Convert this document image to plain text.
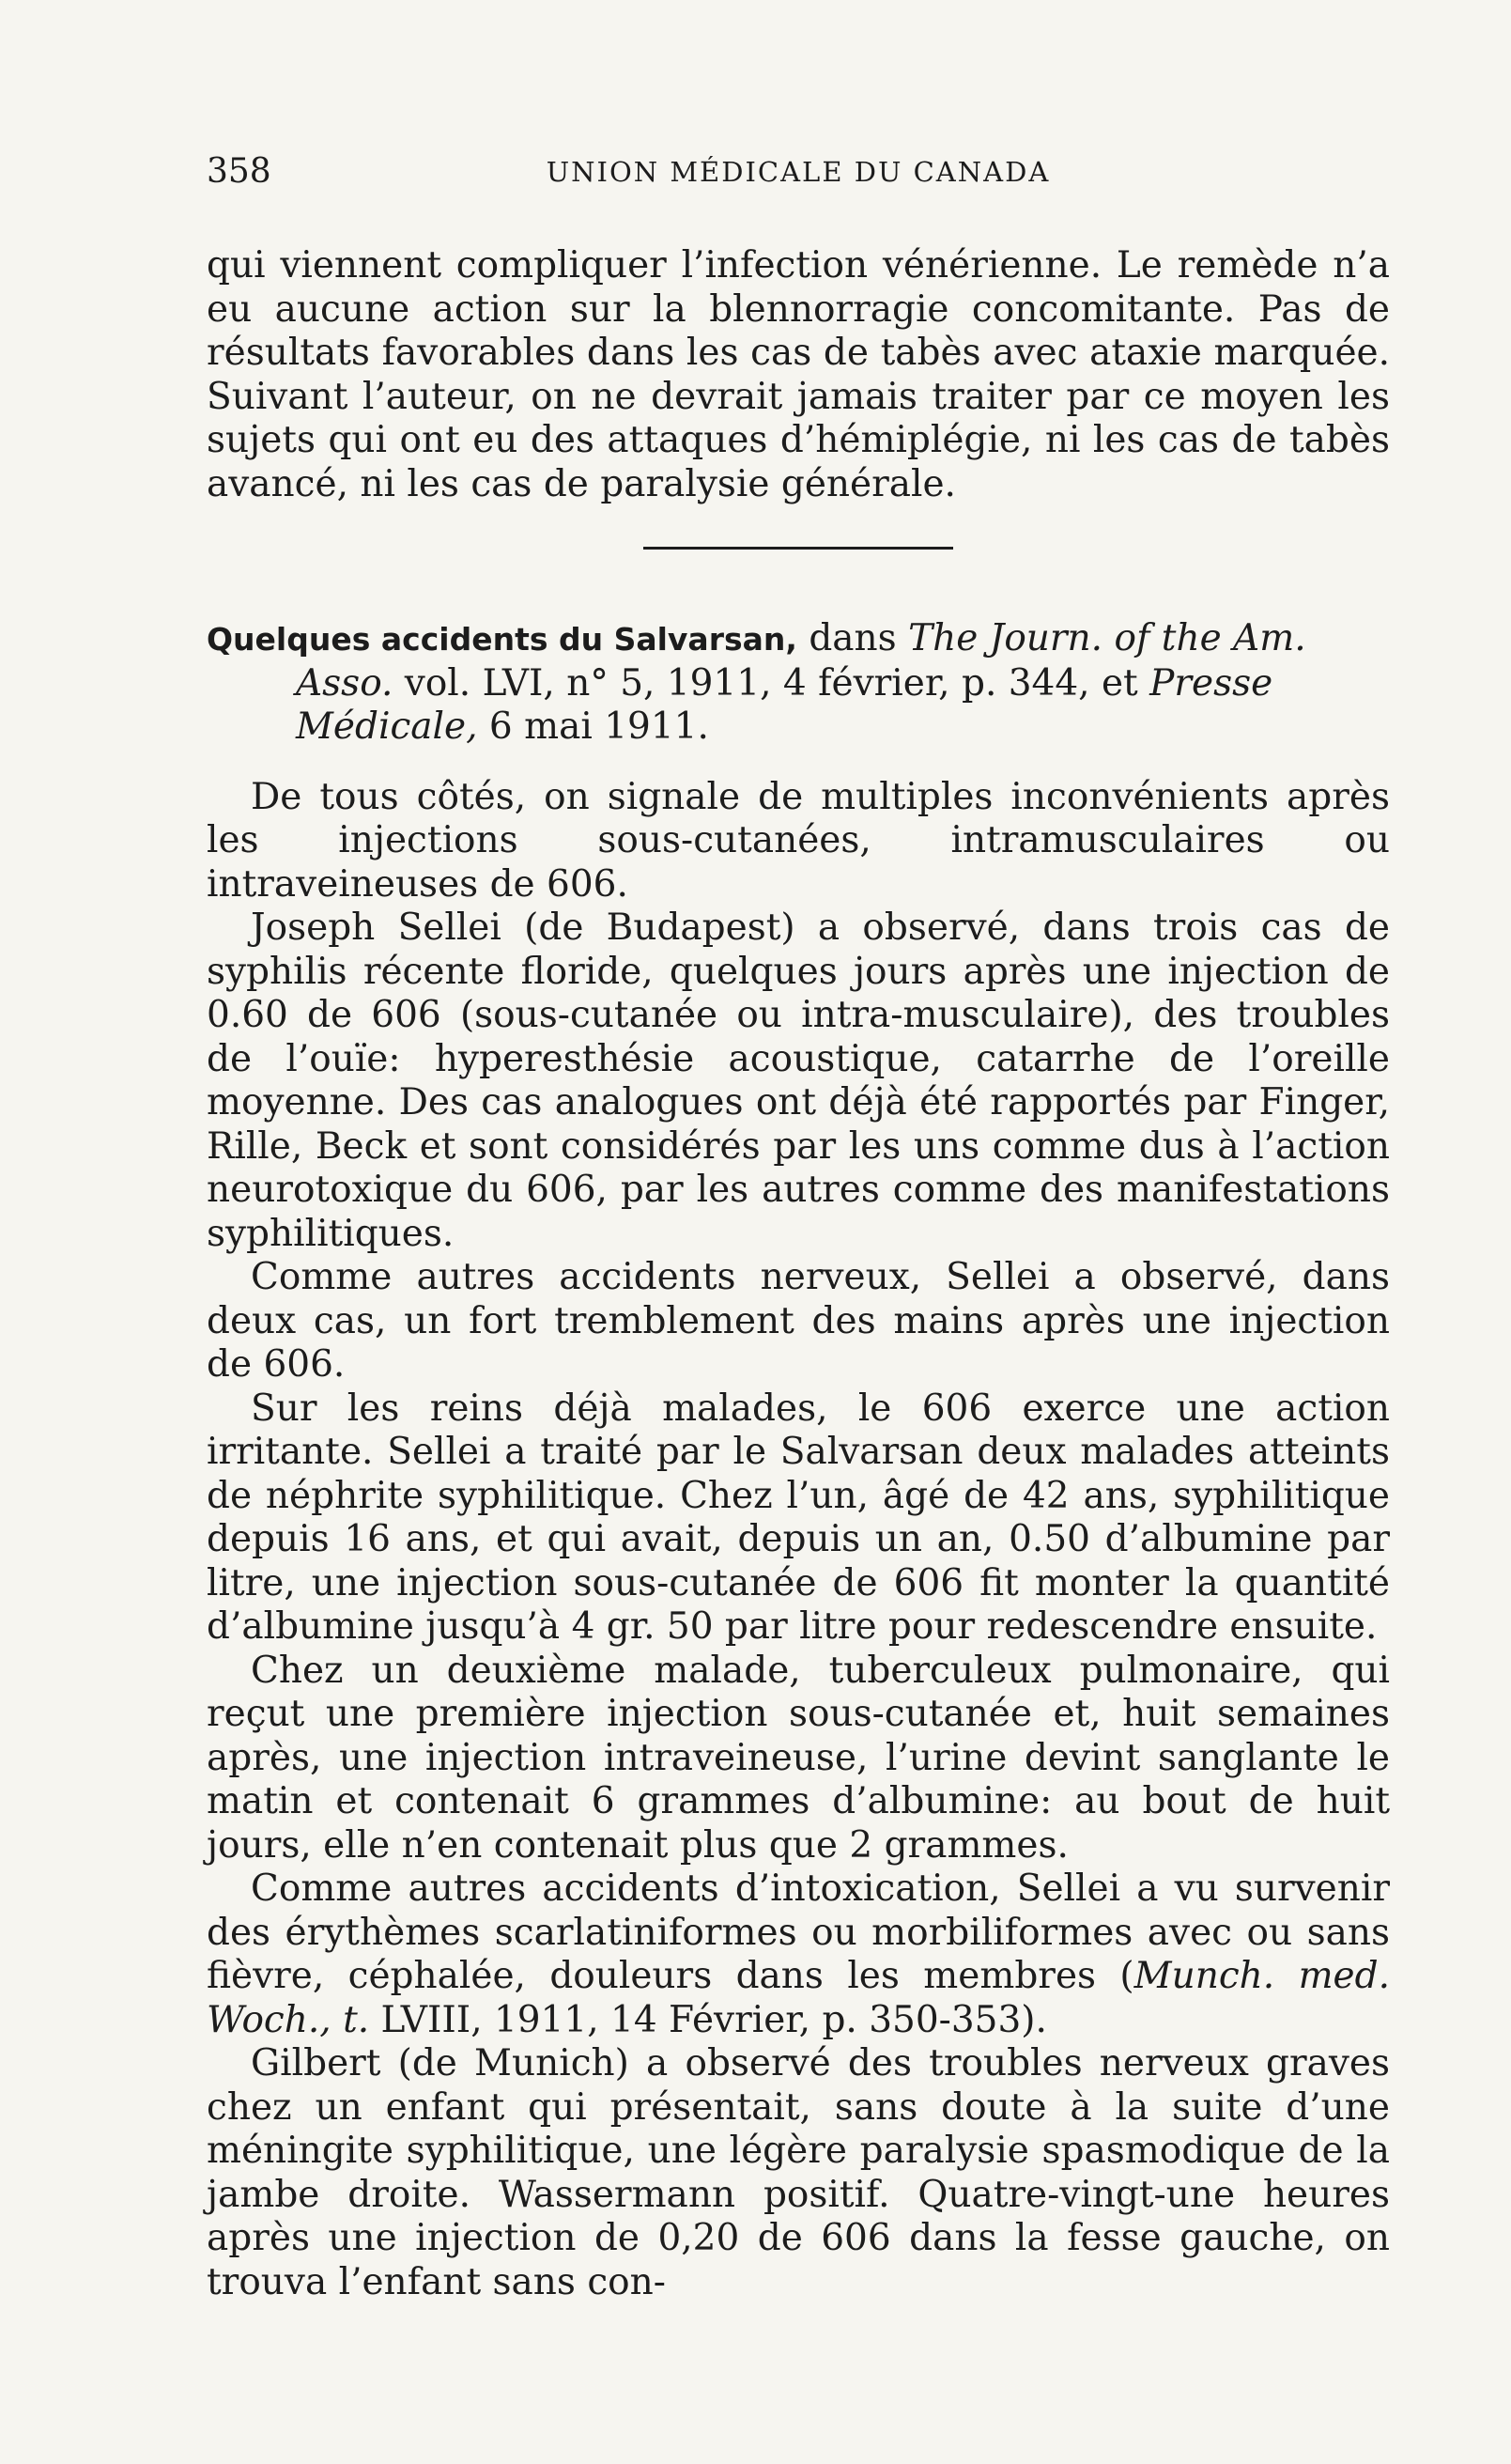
358	UNION MÉDICALE DU CANADA

qui viennent compliquer l’infection vénérienne. Le remède n’a eu aucune action sur la blennorragie concomitante. Pas de résultats favorables dans les cas de tabès avec ataxie marquée. Suivant l’auteur, on ne devrait jamais traiter par ce moyen les sujets qui ont eu des attaques d’hémiplégie, ni les cas de tabès avancé, ni les cas de paralysie générale.

Quelques accidents du Salvarsan, dans The Journ. of the Am. Asso. vol. LVI, n° 5, 1911, 4 février, p. 344, et Presse Médicale, 6 mai 1911.

De tous côtés, on signale de multiples inconvénients après les injections sous-cutanées, intramusculaires ou intraveineuses de 606.

Joseph Sellei (de Budapest) a observé, dans trois cas de syphilis récente floride, quelques jours après une injection de 0.60 de 606 (sous-cutanée ou intra-musculaire), des troubles de l’ouïe: hyperesthésie acoustique, catarrhe de l’oreille moyenne. Des cas analogues ont déjà été rapportés par Finger, Rille, Beck et sont considérés par les uns comme dus à l’action neurotoxique du 606, par les autres comme des manifestations syphilitiques.

Comme autres accidents nerveux, Sellei a observé, dans deux cas, un fort tremblement des mains après une injection de 606.

Sur les reins déjà malades, le 606 exerce une action irritante. Sellei a traité par le Salvarsan deux malades atteints de néphrite syphilitique. Chez l’un, âgé de 42 ans, syphilitique depuis 16 ans, et qui avait, depuis un an, 0.50 d’albumine par litre, une injection sous-cutanée de 606 fit monter la quantité d’albumine jusqu’à 4 gr. 50 par litre pour redescendre ensuite.

Chez un deuxième malade, tuberculeux pulmonaire, qui reçut une première injection sous-cutanée et, huit semaines après, une injection intraveineuse, l’urine devint sanglante le matin et contenait 6 grammes d’albumine: au bout de huit jours, elle n’en contenait plus que 2 grammes.

Comme autres accidents d’intoxication, Sellei a vu survenir des érythèmes scarlatiniformes ou morbiliformes avec ou sans fièvre, céphalée, douleurs dans les membres (Munch. med. Woch., t. LVIII, 1911, 14 Février, p. 350-353).

Gilbert (de Munich) a observé des troubles nerveux graves chez un enfant qui présentait, sans doute à la suite d’une méningite syphilitique, une légère paralysie spasmodique de la jambe droite. Wassermann positif. Quatre-vingt-une heures après une injection de 0,20 de 606 dans la fesse gauche, on trouva l’enfant sans con-
